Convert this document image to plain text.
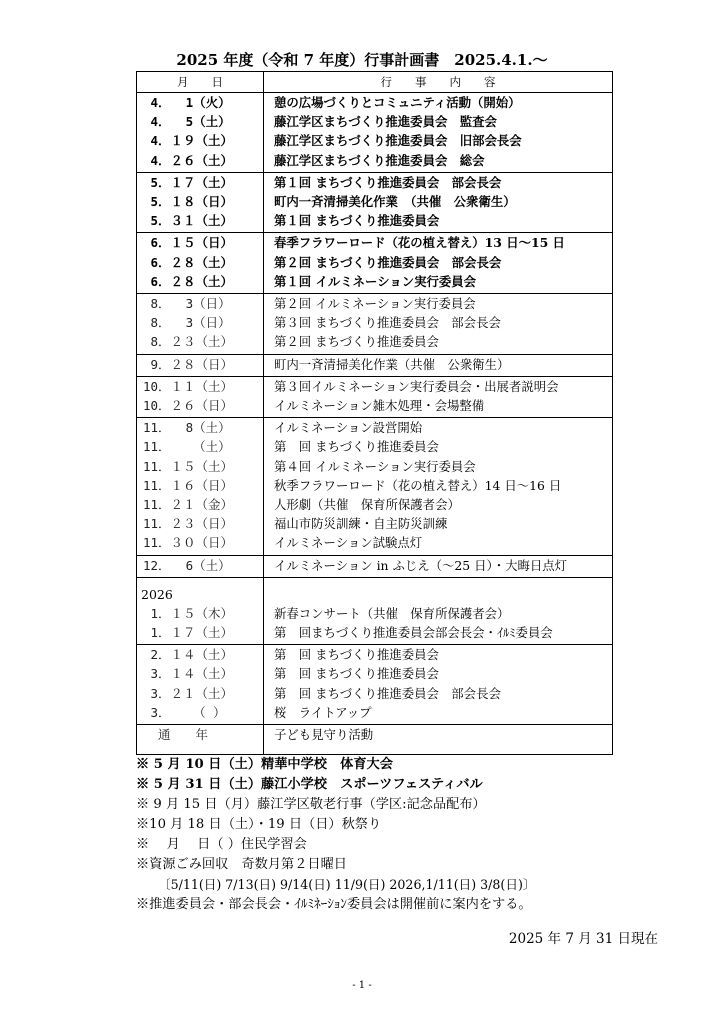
2025 年度（令和 7 年度）行事計画書　2025.4.1.～
月　　日	行　　事　　内　　容
4．  1（火）	憩の広場づくりとコミュニティ活動（開始）
4．  5（土）	藤江学区まちづくり推進委員会　監査会
4．１９（土）	藤江学区まちづくり推進委員会　旧部会長会
4．２６（土）	藤江学区まちづくり推進委員会　総会
5．１７（土）	第１回 まちづくり推進委員会　部会長会
5．１８（日）	町内一斉清掃美化作業　（共催　公衆衛生）
5．３１（土）	第１回 まちづくり推進委員会
6．１５（日）	春季フラワーロード（花の植え替え）13 日～15 日
6．２８（土）	第２回 まちづくり推進委員会　部会長会
6．２８（土）	第１回 イルミネーション実行委員会
8．  3（日）	第２回 イルミネーション実行委員会
8．  3（日）	第３回 まちづくり推進委員会　部会長会
8．２３（土）	第２回 まちづくり推進委員会
9．２８（日）	町内一斉清掃美化作業（共催　公衆衛生）
10．１１（土）	第３回イルミネーション実行委員会・出展者説明会
10．２６（日）	イルミネーション雑木処理・会場整備
11．  8（土）	イルミネーション設営開始
11．   （土）	第　回 まちづくり推進委員会
11．１５（土）	第４回 イルミネーション実行委員会
11．１６（日）	秋季フラワーロード（花の植え替え）14 日～16 日
11．２１（金）	人形劇（共催　保育所保護者会）
11．２３（日）	福山市防災訓練・自主防災訓練
11．３０（日）	イルミネーション試験点灯
12．  6（土）	イルミネーション in ふじえ（～25 日）・大晦日点灯
2026
1．１５（木）	新春コンサート（共催　保育所保護者会）
1．１７（土）	第　回まちづくり推進委員会部会長会・ｲﾙﾐ委員会
2．１４（土）	第　回 まちづくり推進委員会
3．１４（土）	第　回 まちづくり推進委員会
3．２１（土）	第　回 まちづくり推進委員会　部会長会
3．   （ ）	桜　ライトアップ
通　　年	子ども見守り活動
※ 5 月 10 日（土）精華中学校　体育大会
※ 5 月 31 日（土）藤江小学校　スポーツフェスティバル
※ 9 月 15 日（月）藤江学区敬老行事（学区:記念品配布）
※10 月 18 日（土）・19 日（日）秋祭り
※　 月　 日（ ）住民学習会
※資源ごみ回収　奇数月第２日曜日
〔5/11(日) 7/13(日) 9/14(日) 11/9(日) 2026,1/11(日) 3/8(日)〕
※推進委員会・部会長会・ｲﾙﾐﾈｰｼｮﾝ委員会は開催前に案内をする。
2025 年 7 月 31 日現在
- 1 -
